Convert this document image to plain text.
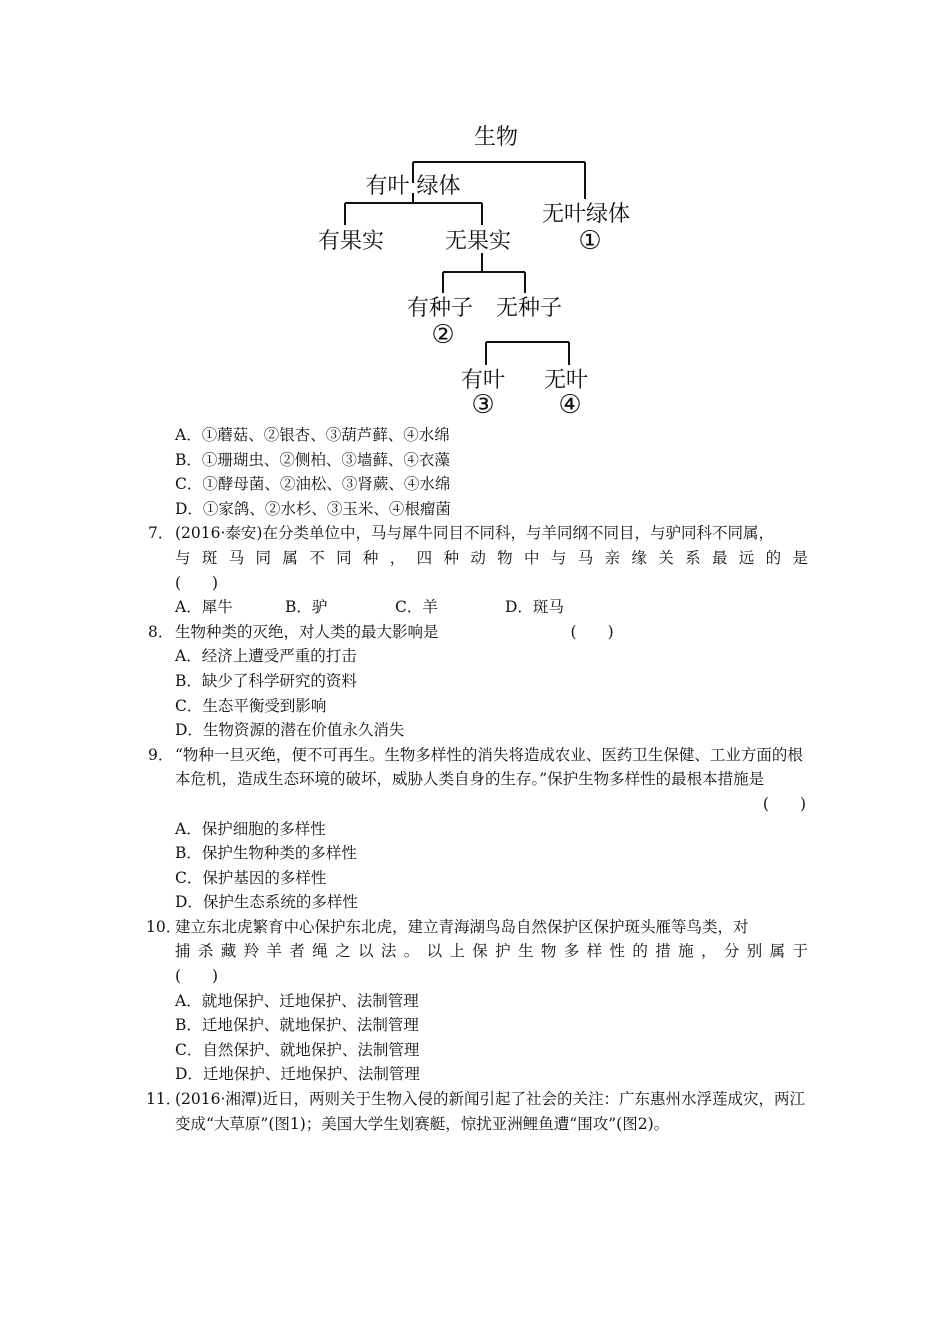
生物
有叶 绿体
无叶绿体
①
有果实	无果实
有种子 无种子
②
有叶 无叶
③ ④
A．①蘑菇、②银杏、③葫芦藓、④水绵
B．①珊瑚虫、②侧柏、③墙藓、④衣藻
C．①酵母菌、②油松、③肾蕨、④水绵
D．①家鸽、②水杉、③玉米、④根瘤菌
7． (2016·泰安)在分类单位中，马与犀牛同目不同科，与羊同纲不同目，与驴同科不同属，
与斑马同属不同种，四种动物中与马亲缘关系最远的是
(　　)
A．犀牛	B．驴	C．羊	D．斑马
8． 生物种类的灭绝，对人类的最大影响是	(　　)
A．经济上遭受严重的打击
B．缺少了科学研究的资料
C．生态平衡受到影响
D．生物资源的潜在价值永久消失
9． “物种一旦灭绝，便不可再生。生物多样性的消失将造成农业、医药卫生保健、工业方面的根本危机，造成生态环境的破坏，威胁人类自身的生存。”保护生物多样性的最根本措施是
(　　)
A．保护细胞的多样性
B．保护生物种类的多样性
C．保护基因的多样性
D．保护生态系统的多样性
10．
建立东北虎繁育中心保护东北虎，建立青海湖鸟岛自然保护区保护斑头雁等鸟类，对
捕杀藏羚羊者绳之以法。以上保护生物多样性的措施，分别属于
(　　)
A．就地保护、迁地保护、法制管理
B．迁地保护、就地保护、法制管理
C．自然保护、就地保护、法制管理
D．迁地保护、迁地保护、法制管理
11．
(2016·湘潭)近日，两则关于生物入侵的新闻引起了社会的关注：广东惠州水浮莲成灾，两江变成“大草原”(图1)；美国大学生划赛艇，惊扰亚洲鲤鱼遭“围攻”(图2)。
